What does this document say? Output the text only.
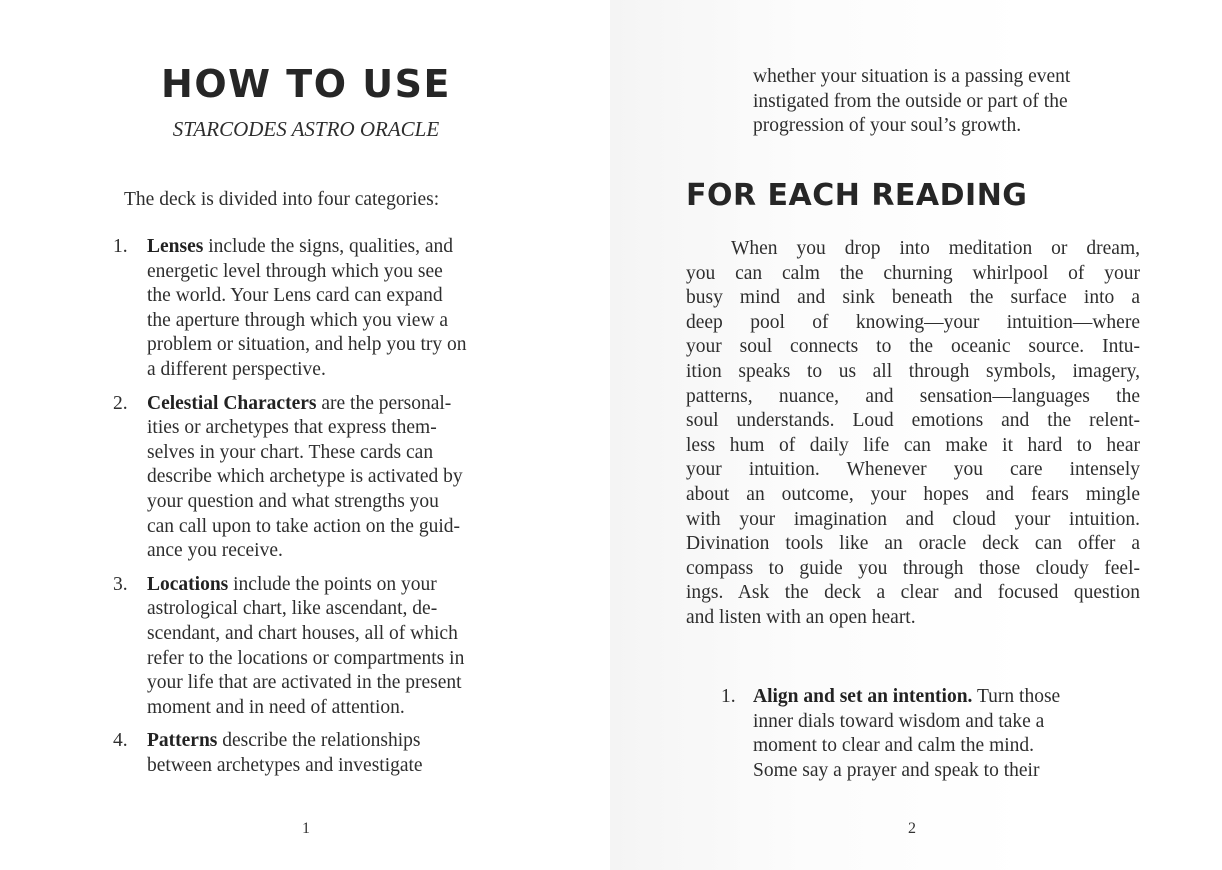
HOW TO USE
STARCODES ASTRO ORACLE
The deck is divided into four categories:
1. Lenses include the signs, qualities, and
energetic level through which you see
the world. Your Lens card can expand
the aperture through which you view a
problem or situation, and help you try on
a different perspective.
2. Celestial Characters are the personal-
ities or archetypes that express them-
selves in your chart. These cards can
describe which archetype is activated by
your question and what strengths you
can call upon to take action on the guid-
ance you receive.
3. Locations include the points on your
astrological chart, like ascendant, de-
scendant, and chart houses, all of which
refer to the locations or compartments in
your life that are activated in the present
moment and in need of attention.
4. Patterns describe the relationships
between archetypes and investigate
1
whether your situation is a passing event
instigated from the outside or part of the
progression of your soul’s growth.
FOR EACH READING
When you drop into meditation or dream,
you can calm the churning whirlpool of your
busy mind and sink beneath the surface into a
deep pool of knowing—your intuition—where
your soul connects to the oceanic source. Intu-
ition speaks to us all through symbols, imagery,
patterns, nuance, and sensation—languages the
soul understands. Loud emotions and the relent-
less hum of daily life can make it hard to hear
your intuition. Whenever you care intensely
about an outcome, your hopes and fears mingle
with your imagination and cloud your intuition.
Divination tools like an oracle deck can offer a
compass to guide you through those cloudy feel-
ings. Ask the deck a clear and focused question
and listen with an open heart.
1. Align and set an intention. Turn those
inner dials toward wisdom and take a
moment to clear and calm the mind.
Some say a prayer and speak to their
2
